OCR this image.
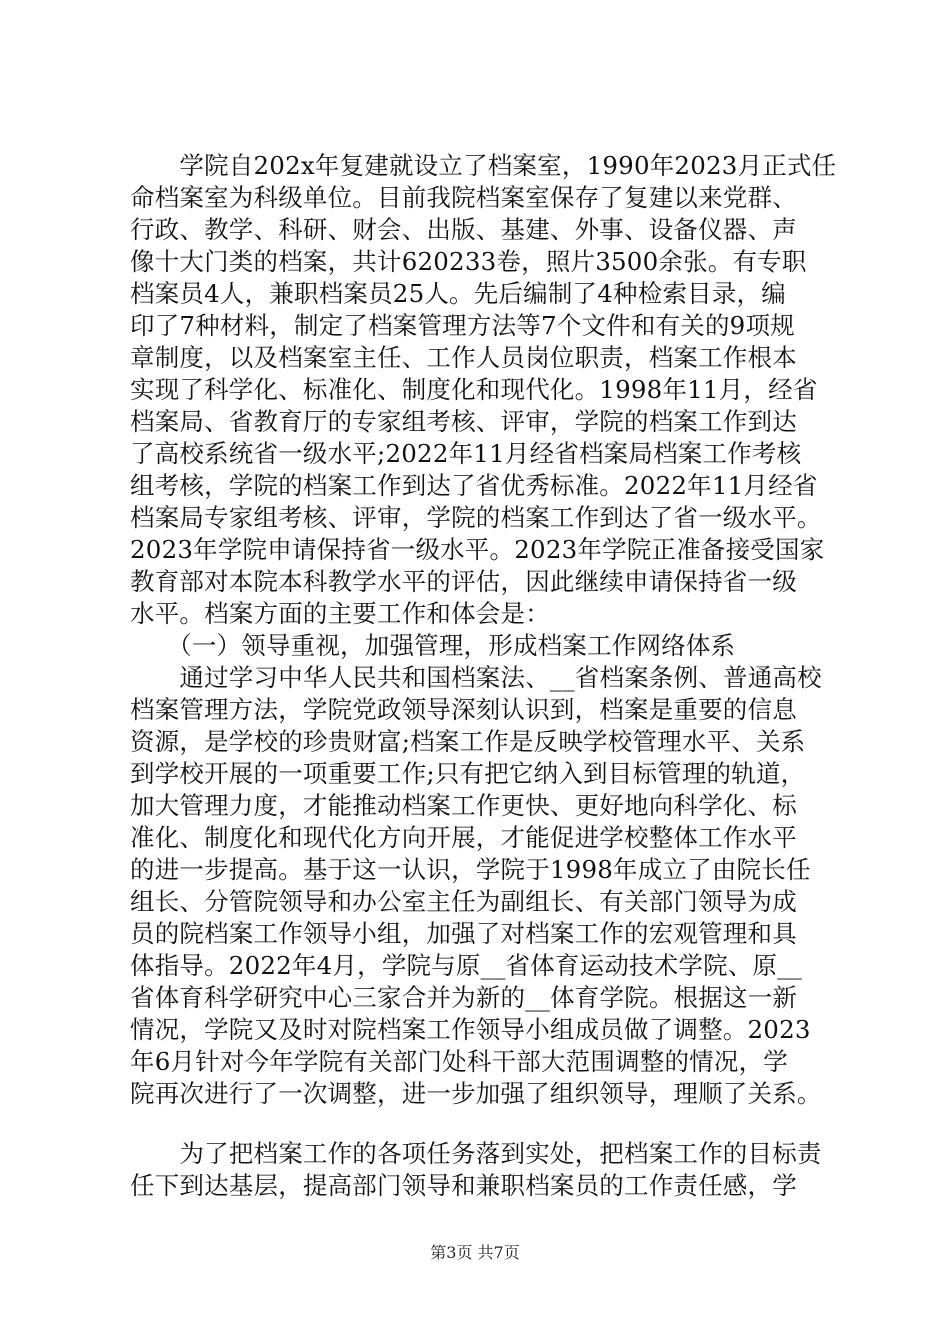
　　学院自202x年复建就设立了档案室，1990年2023月正式任
命档案室为科级单位。目前我院档案室保存了复建以来党群、
行政、教学、科研、财会、出版、基建、外事、设备仪器、声
像十大门类的档案，共计620233卷，照片3500余张。有专职
档案员4人，兼职档案员25人。先后编制了4种检索目录，编
印了7种材料，制定了档案管理方法等7个文件和有关的9项规
章制度，以及档案室主任、工作人员岗位职责，档案工作根本
实现了科学化、标准化、制度化和现代化。1998年11月，经省
档案局、省教育厅的专家组考核、评审，学院的档案工作到达
了高校系统省一级水平;2022年11月经省档案局档案工作考核
组考核，学院的档案工作到达了省优秀标准。2022年11月经省
档案局专家组考核、评审，学院的档案工作到达了省一级水平。
2023年学院申请保持省一级水平。2023年学院正准备接受国家
教育部对本院本科教学水平的评估，因此继续申请保持省一级
水平。档案方面的主要工作和体会是：
　　（一）领导重视，加强管理，形成档案工作网络体系
　　通过学习中华人民共和国档案法、__省档案条例、普通高校
档案管理方法，学院党政领导深刻认识到，档案是重要的信息
资源，是学校的珍贵财富;档案工作是反映学校管理水平、关系
到学校开展的一项重要工作;只有把它纳入到目标管理的轨道，
加大管理力度，才能推动档案工作更快、更好地向科学化、标
准化、制度化和现代化方向开展，才能促进学校整体工作水平
的进一步提高。基于这一认识，学院于1998年成立了由院长任
组长、分管院领导和办公室主任为副组长、有关部门领导为成
员的院档案工作领导小组，加强了对档案工作的宏观管理和具
体指导。2022年4月，学院与原__省体育运动技术学院、原__
省体育科学研究中心三家合并为新的__体育学院。根据这一新
情况，学院又及时对院档案工作领导小组成员做了调整。2023
年6月针对今年学院有关部门处科干部大范围调整的情况，学
院再次进行了一次调整，进一步加强了组织领导，理顺了关系。
　　为了把档案工作的各项任务落到实处，把档案工作的目标责
任下到达基层，提高部门领导和兼职档案员的工作责任感，学
第3页 共7页
